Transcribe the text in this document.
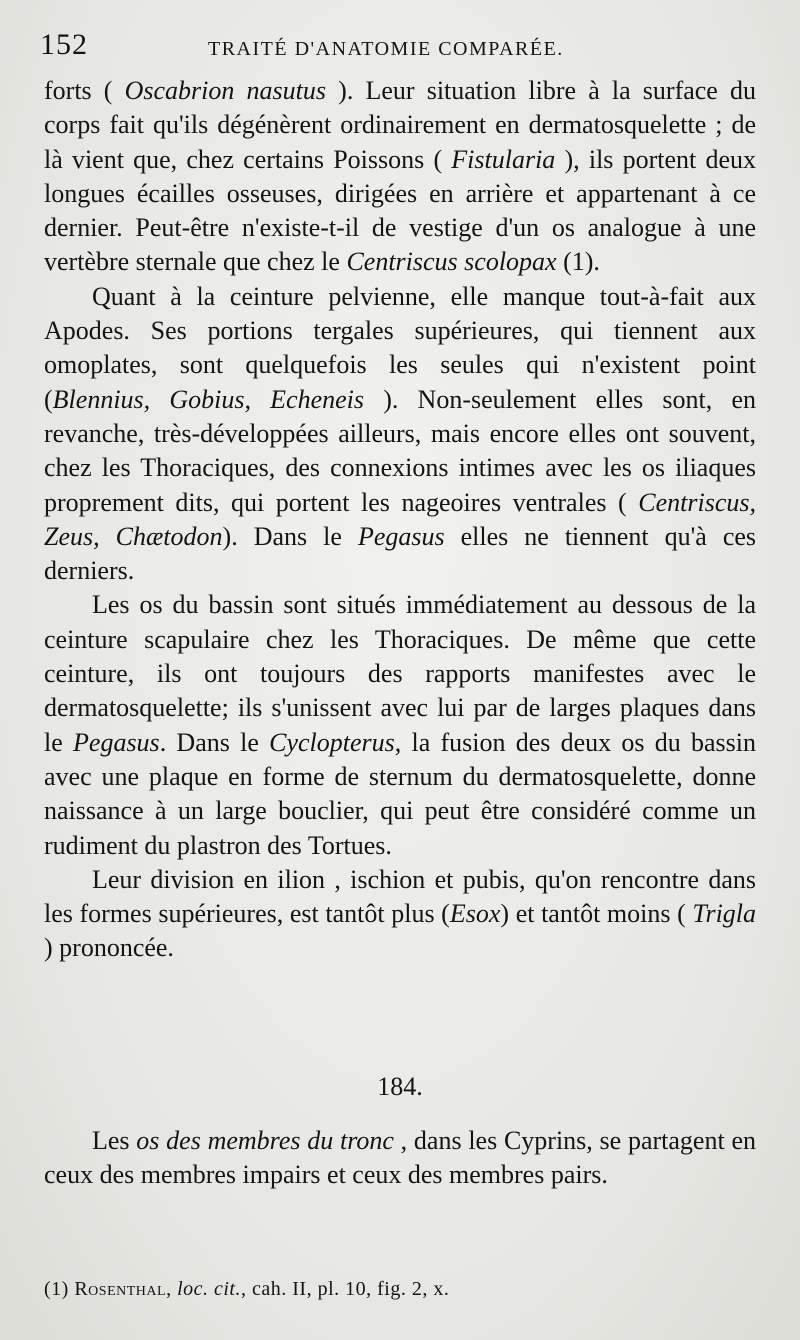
152	TRAITÉ D'ANATOMIE COMPARÉE.

forts ( Oscabrion nasutus ). Leur situation libre à la surface du corps fait qu'ils dégénèrent ordinairement en dermatosquelette ; de là vient que, chez certains Poissons ( Fistularia ), ils portent deux longues écailles osseuses, dirigées en arrière et appartenant à ce dernier. Peut-être n'existe-t-il de vestige d'un os analogue à une vertèbre sternale que chez le Centriscus scolopax (1).

Quant à la ceinture pelvienne, elle manque tout-à-fait aux Apodes. Ses portions tergales supérieures, qui tiennent aux omoplates, sont quelquefois les seules qui n'existent point (Blennius, Gobius, Echeneis ). Non-seulement elles sont, en revanche, très-développées ailleurs, mais encore elles ont souvent, chez les Thoraciques, des connexions intimes avec les os iliaques proprement dits, qui portent les nageoires ventrales ( Centriscus, Zeus, Chætodon). Dans le Pegasus elles ne tiennent qu'à ces derniers.

Les os du bassin sont situés immédiatement au dessous de la ceinture scapulaire chez les Thoraciques. De même que cette ceinture, ils ont toujours des rapports manifestes avec le dermatosquelette; ils s'unissent avec lui par de larges plaques dans le Pegasus. Dans le Cyclopterus, la fusion des deux os du bassin avec une plaque en forme de sternum du dermatosquelette, donne naissance à un large bouclier, qui peut être considéré comme un rudiment du plastron des Tortues.

Leur division en ilion , ischion et pubis, qu'on rencontre dans les formes supérieures, est tantôt plus (Esox) et tantôt moins ( Trigla ) prononcée.

184.

Les os des membres du tronc , dans les Cyprins, se partagent en ceux des membres impairs et ceux des membres pairs.

(1) Rosenthal, loc. cit., cah. II, pl. 10, fig. 2, x.
